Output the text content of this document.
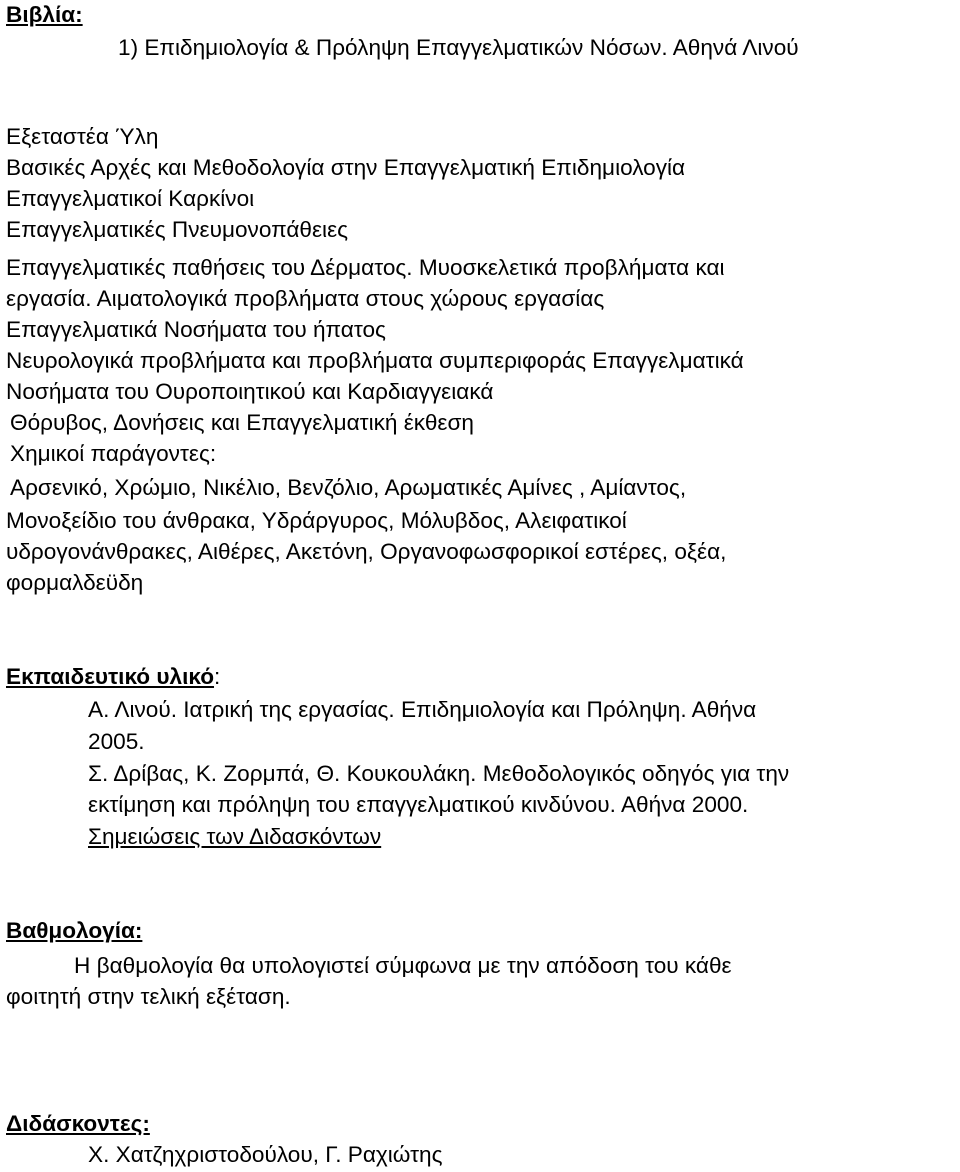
Βιβλία:
1) Επιδημιολογία & Πρόληψη Επαγγελματικών Νόσων. Αθηνά Λινού
Εξεταστέα Ύλη
Βασικές Αρχές και Μεθοδολογία στην Επαγγελματική Επιδημιολογία
Επαγγελματικοί Καρκίνοι
Επαγγελματικές Πνευμονοπάθειες
Επαγγελματικές παθήσεις του Δέρματος. Μυοσκελετικά προβλήματα και
εργασία. Αιματολογικά προβλήματα στους χώρους εργασίας
Επαγγελματικά Νοσήματα του ήπατος
Νευρολογικά προβλήματα και προβλήματα συμπεριφοράς Επαγγελματικά
Νοσήματα του Ουροποιητικού και Καρδιαγγειακά
Θόρυβος, Δονήσεις και Επαγγελματική έκθεση
Χημικοί παράγοντες:
Αρσενικό, Χρώμιο, Νικέλιο, Βενζόλιο, Αρωματικές Αμίνες , Αμίαντος,
Μονοξείδιο του άνθρακα, Υδράργυρος, Μόλυβδος, Αλειφατικοί
υδρογονάνθρακες, Αιθέρες, Ακετόνη, Οργανοφωσφορικοί εστέρες, οξέα,
φορμαλδεϋδη
Εκπαιδευτικό υλικό:
Α. Λινού. Ιατρική της εργασίας. Επιδημιολογία και Πρόληψη. Αθήνα
2005.
Σ. Δρίβας, Κ. Ζορμπά, Θ. Κουκουλάκη. Μεθοδολογικός οδηγός για την
εκτίμηση και πρόληψη του επαγγελματικού κινδύνου. Αθήνα 2000.
Σημειώσεις των Διδασκόντων
Βαθμολογία:
Η βαθμολογία θα υπολογιστεί σύμφωνα με την απόδοση του κάθε
φοιτητή στην τελική εξέταση.
Διδάσκοντες:
Χ. Χατζηχριστοδούλου, Γ. Ραχιώτης
